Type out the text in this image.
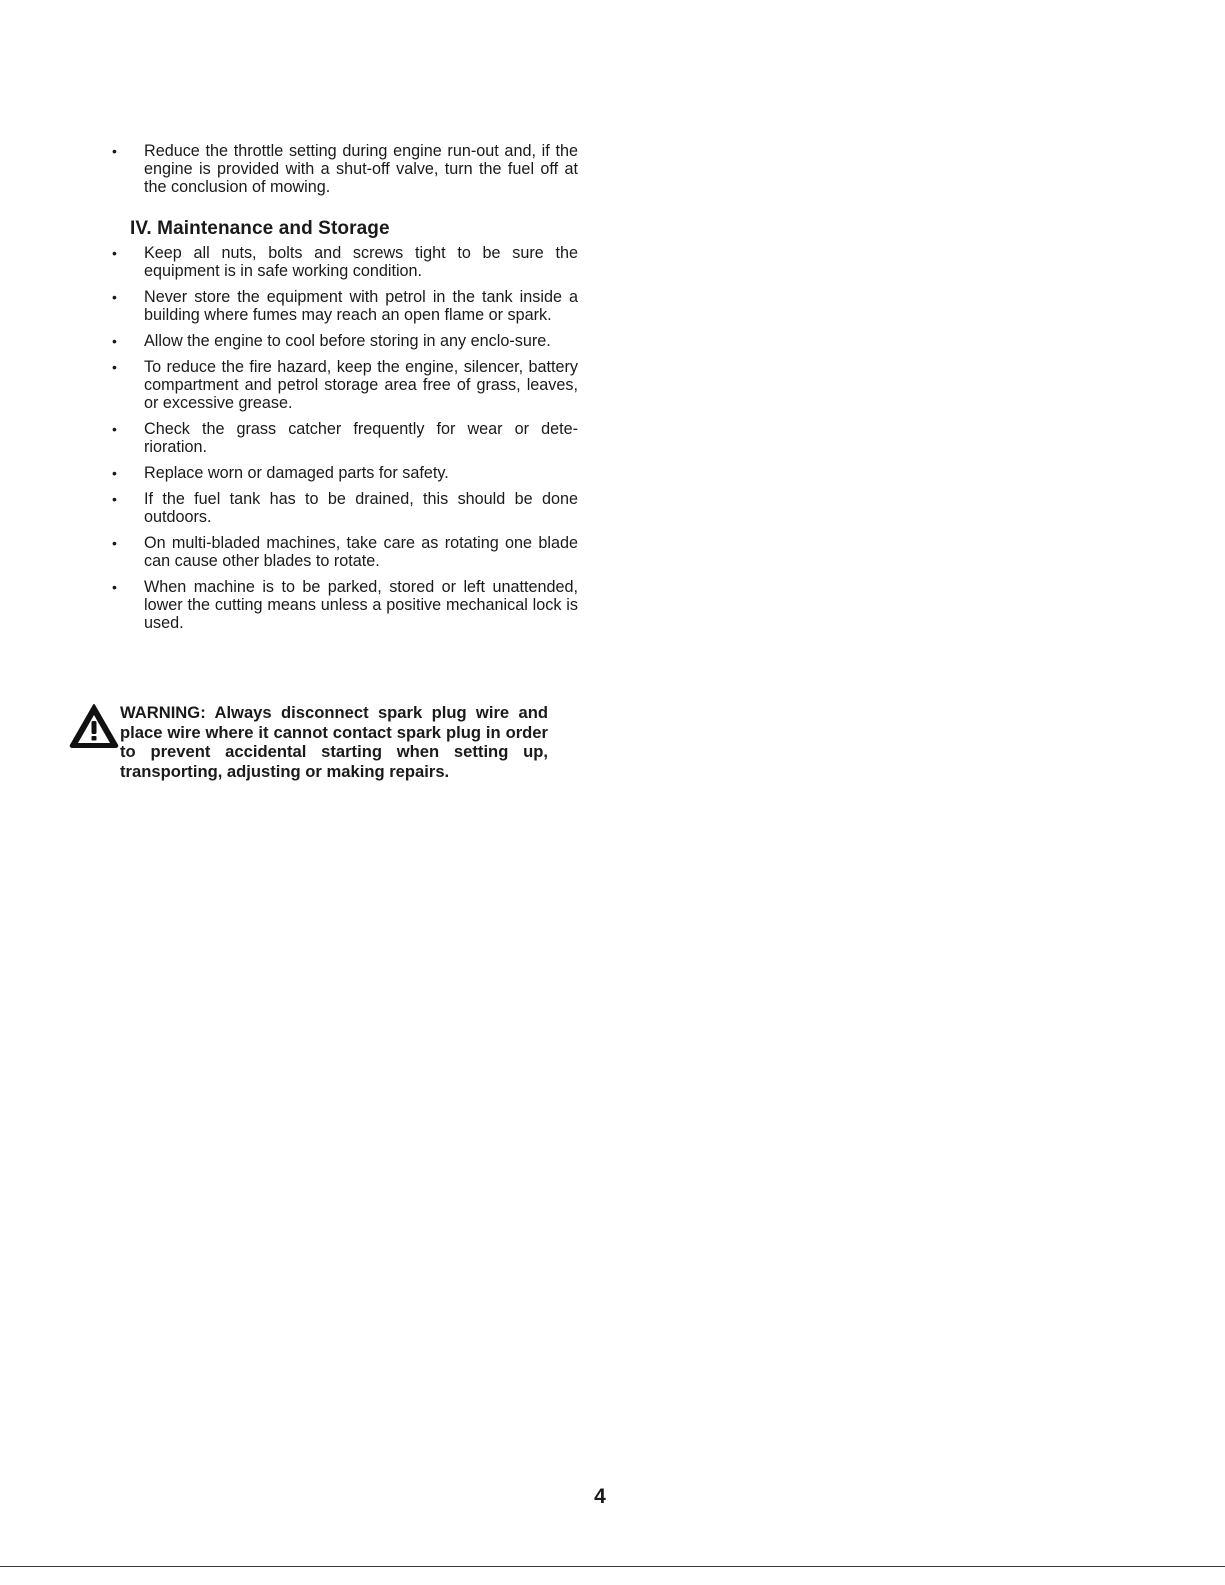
•	Reduce the throttle setting during engine run-out and, if the engine is provided with a shut-off valve, turn the fuel off at the conclusion of mowing.
IV. Maintenance and Storage
•	Keep all nuts, bolts and screws tight to be sure the equipment is in safe working condition.
•	Never store the equipment with petrol in the tank inside a building where fumes may reach an open flame or spark.
•	Allow the engine to cool before storing in any enclo-sure.
•	To reduce the fire hazard, keep the engine, silencer, battery compartment and petrol storage area free of grass, leaves, or excessive grease.
•	Check the grass catcher frequently for wear or dete-rioration.
•	Replace worn or damaged parts for safety.
•	If the fuel tank has to be drained, this should be done outdoors.
•	On multi-bladed machines, take care as rotating one blade can cause other blades to rotate.
•	When machine is to be parked, stored or left unattended, lower the cutting means unless a positive mechanical lock is used.
WARNING: Always disconnect spark plug wire and place wire where it cannot contact spark plug in order to prevent accidental starting when setting up, transporting, adjusting or making repairs.
4
